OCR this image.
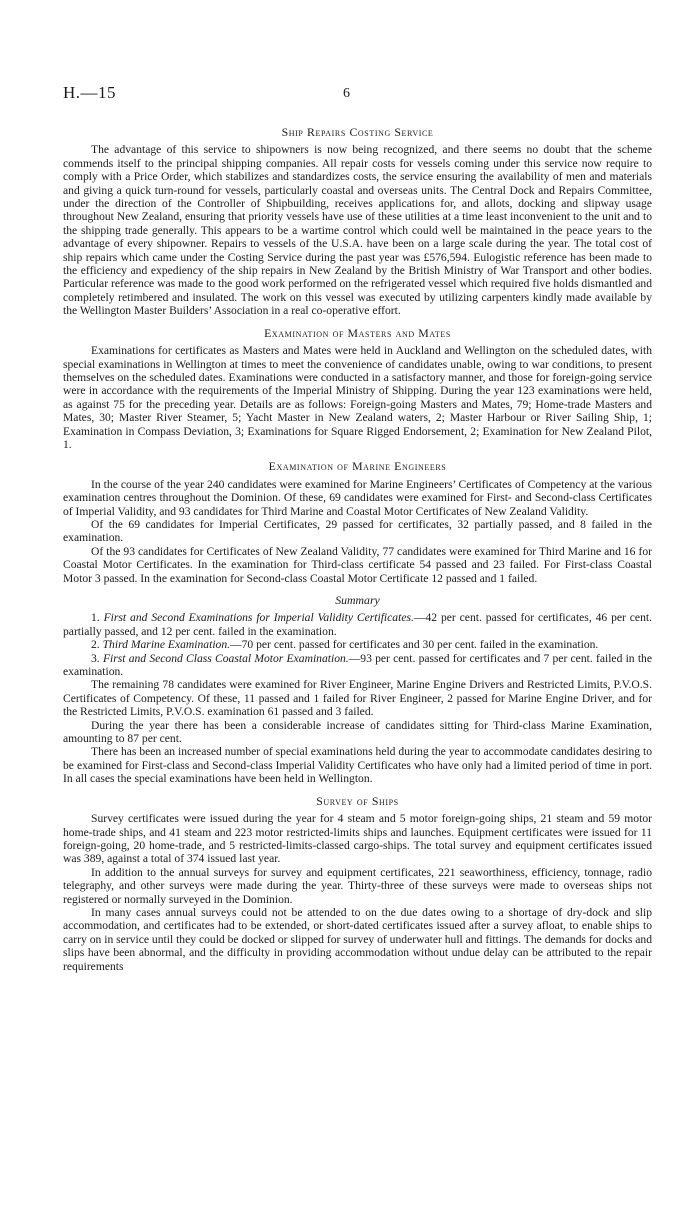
H.—15	6
Ship Repairs Costing Service

The advantage of this service to shipowners is now being recognized, and there seems no doubt that the scheme commends itself to the principal shipping companies. All repair costs for vessels coming under this service now require to comply with a Price Order, which stabilizes and standardizes costs, the service ensuring the availability of men and materials and giving a quick turn-round for vessels, particularly coastal and overseas units. The Central Dock and Repairs Committee, under the direction of the Controller of Shipbuilding, receives applications for, and allots, docking and slipway usage throughout New Zealand, ensuring that priority vessels have use of these utilities at a time least inconvenient to the unit and to the shipping trade generally. This appears to be a wartime control which could well be maintained in the peace years to the advantage of every shipowner. Repairs to vessels of the U.S.A. have been on a large scale during the year. The total cost of ship repairs which came under the Costing Service during the past year was £576,594. Eulogistic reference has been made to the efficiency and expediency of the ship repairs in New Zealand by the British Ministry of War Transport and other bodies. Particular reference was made to the good work performed on the refrigerated vessel which required five holds dismantled and completely retimbered and insulated. The work on this vessel was executed by utilizing carpenters kindly made available by the Wellington Master Builders’ Association in a real co-operative effort.

Examination of Masters and Mates

Examinations for certificates as Masters and Mates were held in Auckland and Wellington on the scheduled dates, with special examinations in Wellington at times to meet the convenience of candidates unable, owing to war conditions, to present themselves on the scheduled dates. Examinations were conducted in a satisfactory manner, and those for foreign-going service were in accordance with the requirements of the Imperial Ministry of Shipping. During the year 123 examinations were held, as against 75 for the preceding year. Details are as follows: Foreign-going Masters and Mates, 79; Home-trade Masters and Mates, 30; Master River Steamer, 5; Yacht Master in New Zealand waters, 2; Master Harbour or River Sailing Ship, 1; Examination in Compass Deviation, 3; Examinations for Square Rigged Endorsement, 2; Examination for New Zealand Pilot, 1.

Examination of Marine Engineers

In the course of the year 240 candidates were examined for Marine Engineers’ Certificates of Competency at the various examination centres throughout the Dominion. Of these, 69 candidates were examined for First- and Second-class Certificates of Imperial Validity, and 93 candidates for Third Marine and Coastal Motor Certificates of New Zealand Validity.

Of the 69 candidates for Imperial Certificates, 29 passed for certificates, 32 partially passed, and 8 failed in the examination.

Of the 93 candidates for Certificates of New Zealand Validity, 77 candidates were examined for Third Marine and 16 for Coastal Motor Certificates. In the examination for Third-class certificate 54 passed and 23 failed. For First-class Coastal Motor 3 passed. In the examination for Second-class Coastal Motor Certificate 12 passed and 1 failed.

Summary

1. First and Second Examinations for Imperial Validity Certificates.—42 per cent. passed for certificates, 46 per cent. partially passed, and 12 per cent. failed in the examination.

2. Third Marine Examination.—70 per cent. passed for certificates and 30 per cent. failed in the examination.

3. First and Second Class Coastal Motor Examination.—93 per cent. passed for certificates and 7 per cent. failed in the examination.

The remaining 78 candidates were examined for River Engineer, Marine Engine Drivers and Restricted Limits, P.V.O.S. Certificates of Competency. Of these, 11 passed and 1 failed for River Engineer, 2 passed for Marine Engine Driver, and for the Restricted Limits, P.V.O.S. examination 61 passed and 3 failed.

During the year there has been a considerable increase of candidates sitting for Third-class Marine Examination, amounting to 87 per cent.

There has been an increased number of special examinations held during the year to accommodate candidates desiring to be examined for First-class and Second-class Imperial Validity Certificates who have only had a limited period of time in port. In all cases the special examinations have been held in Wellington.

Survey of Ships

Survey certificates were issued during the year for 4 steam and 5 motor foreign-going ships, 21 steam and 59 motor home-trade ships, and 41 steam and 223 motor restricted-limits ships and launches. Equipment certificates were issued for 11 foreign-going, 20 home-trade, and 5 restricted-limits-classed cargo-ships. The total survey and equipment certificates issued was 389, against a total of 374 issued last year.

In addition to the annual surveys for survey and equipment certificates, 221 seaworthiness, efficiency, tonnage, radio telegraphy, and other surveys were made during the year. Thirty-three of these surveys were made to overseas ships not registered or normally surveyed in the Dominion.

In many cases annual surveys could not be attended to on the due dates owing to a shortage of dry-dock and slip accommodation, and certificates had to be extended, or short-dated certificates issued after a survey afloat, to enable ships to carry on in service until they could be docked or slipped for survey of underwater hull and fittings. The demands for docks and slips have been abnormal, and the difficulty in providing accommodation without undue delay can be attributed to the repair requirements
